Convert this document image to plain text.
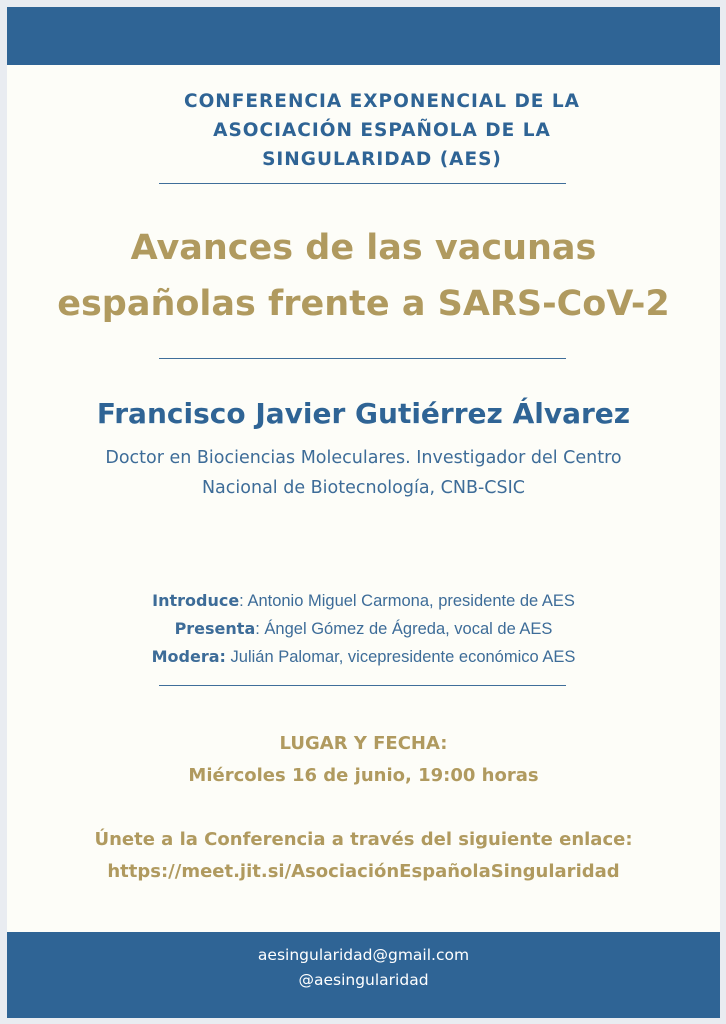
CONFERENCIA EXPONENCIAL DE LA
ASOCIACIÓN ESPAÑOLA DE LA
SINGULARIDAD (AES)
Avances de las vacunas
españolas frente a SARS-CoV-2
Francisco Javier Gutiérrez Álvarez
Doctor en Biociencias Moleculares. Investigador del Centro
Nacional de Biotecnología, CNB-CSIC
Introduce: Antonio Miguel Carmona, presidente de AES
Presenta: Ángel Gómez de Ágreda, vocal de AES
Modera: Julián Palomar, vicepresidente económico AES
LUGAR Y FECHA:
Miércoles 16 de junio, 19:00 horas
Únete a la Conferencia a través del siguiente enlace:
https://meet.jit.si/AsociaciónEspañolaSingularidad
aesingularidad@gmail.com
@aesingularidad
